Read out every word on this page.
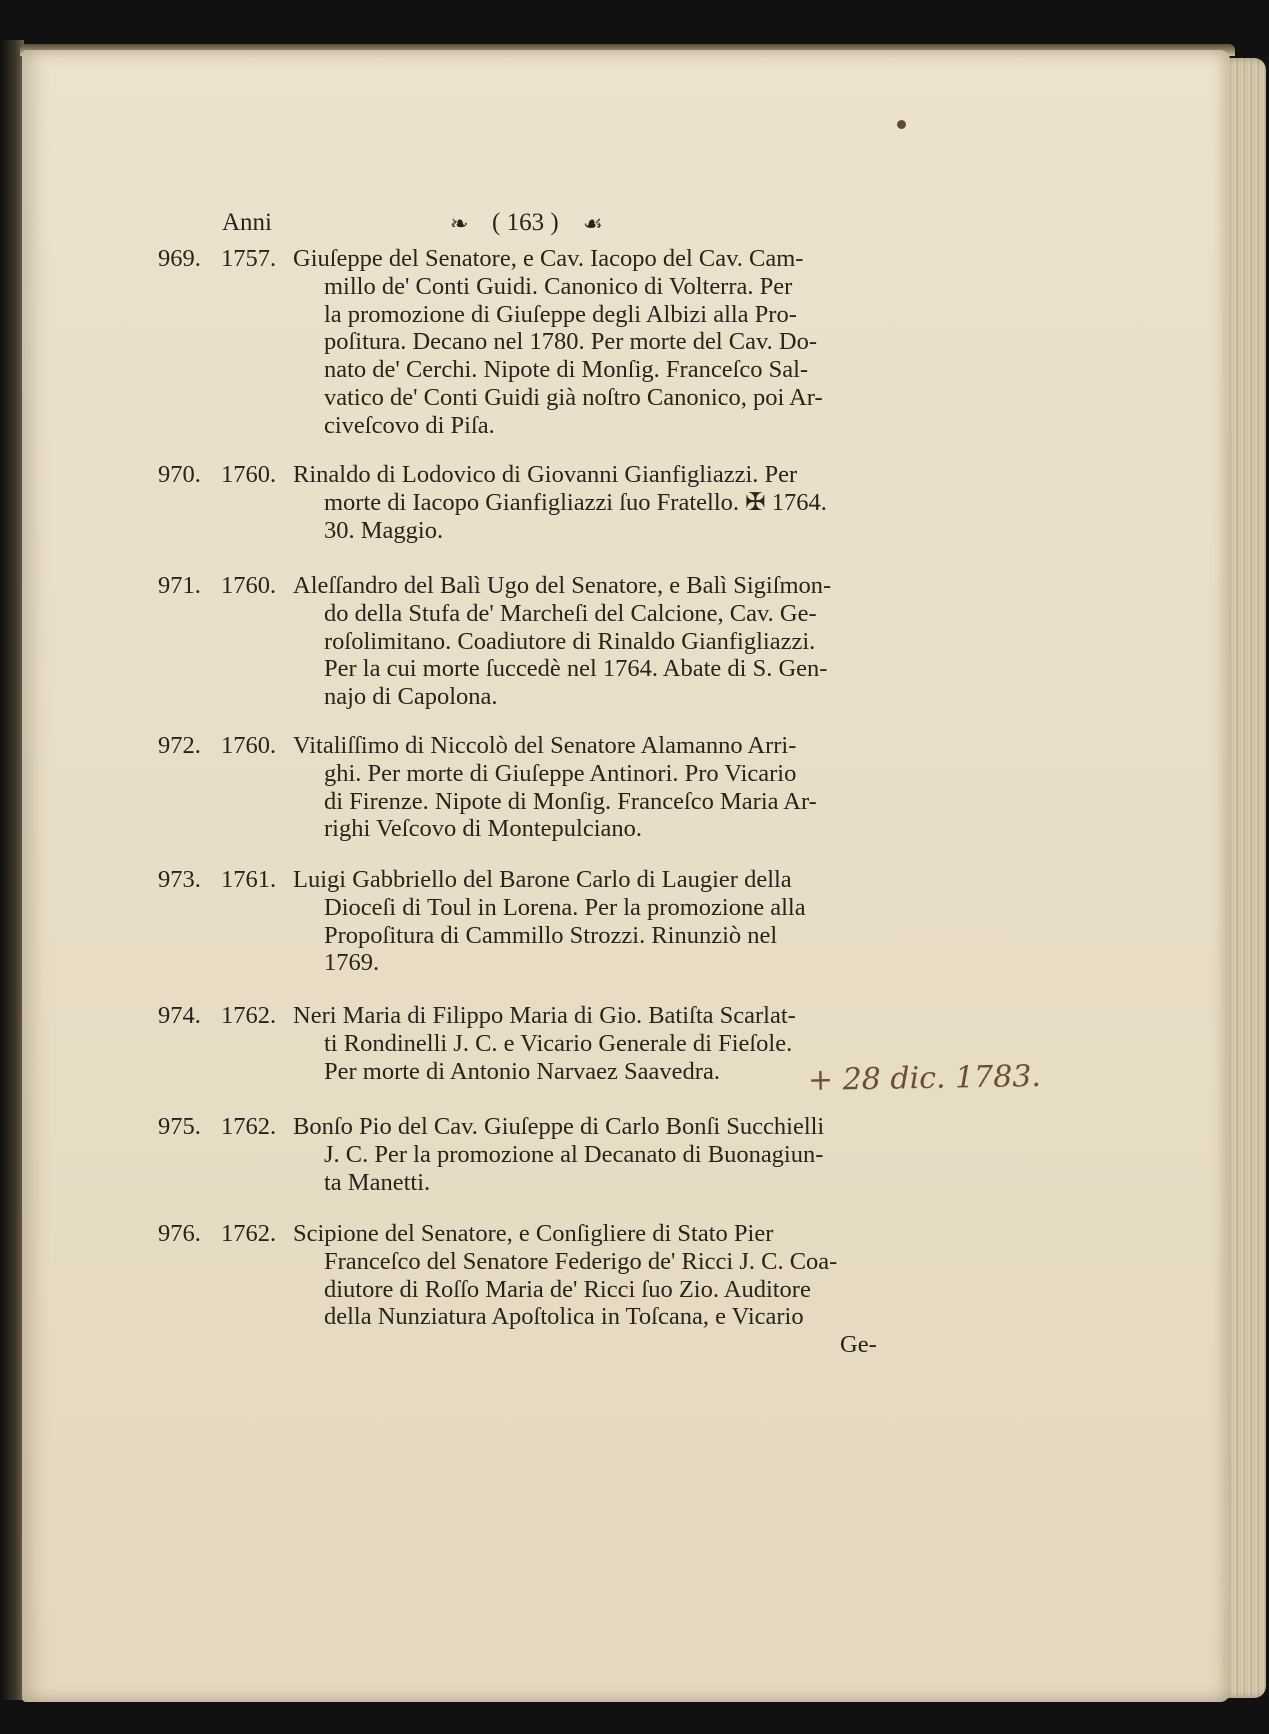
Anni	❧ ( 163 ) ☙
969. 1757. Giuſeppe del Senatore, e Cav. Iacopo del Cav. Cam-
millo de' Conti Guidi. Canonico di Volterra. Per
la promozione di Giuſeppe degli Albizi alla Pro-
poſitura. Decano nel 1780. Per morte del Cav. Do-
nato de' Cerchi. Nipote di Monſig. Franceſco Sal-
vatico de' Conti Guidi già noſtro Canonico, poi Ar-
civeſcovo di Piſa.
970. 1760. Rinaldo di Lodovico di Giovanni Gianfigliazzi. Per
morte di Iacopo Gianfigliazzi ſuo Fratello. ✠ 1764.
30. Maggio.
971. 1760. Aleſſandro del Balì Ugo del Senatore, e Balì Sigiſmon-
do della Stufa de' Marcheſi del Calcione, Cav. Ge-
roſolimitano. Coadiutore di Rinaldo Gianfigliazzi.
Per la cui morte ſuccedè nel 1764. Abate di S. Gen-
najo di Capolona.
972. 1760. Vitaliſſimo di Niccolò del Senatore Alamanno Arri-
ghi. Per morte di Giuſeppe Antinori. Pro Vicario
di Firenze. Nipote di Monſig. Franceſco Maria Ar-
righi Veſcovo di Montepulciano.
973. 1761. Luigi Gabbriello del Barone Carlo di Laugier della
Dioceſi di Toul in Lorena. Per la promozione alla
Propoſitura di Cammillo Strozzi. Rinunziò nel
1769.
974. 1762. Neri Maria di Filippo Maria di Gio. Batiſta Scarlat-
ti Rondinelli J. C. e Vicario Generale di Fieſole.
Per morte di Antonio Narvaez Saavedra.	+ 28 dic. 1783.
975. 1762. Bonſo Pio del Cav. Giuſeppe di Carlo Bonſi Succhielli
J. C. Per la promozione al Decanato di Buonagiun-
ta Manetti.
976. 1762. Scipione del Senatore, e Conſigliere di Stato Pier
Franceſco del Senatore Federigo de' Ricci J. C. Coa-
diutore di Roſſo Maria de' Ricci ſuo Zio. Auditore
della Nunziatura Apoſtolica in Toſcana, e Vicario
Ge-
